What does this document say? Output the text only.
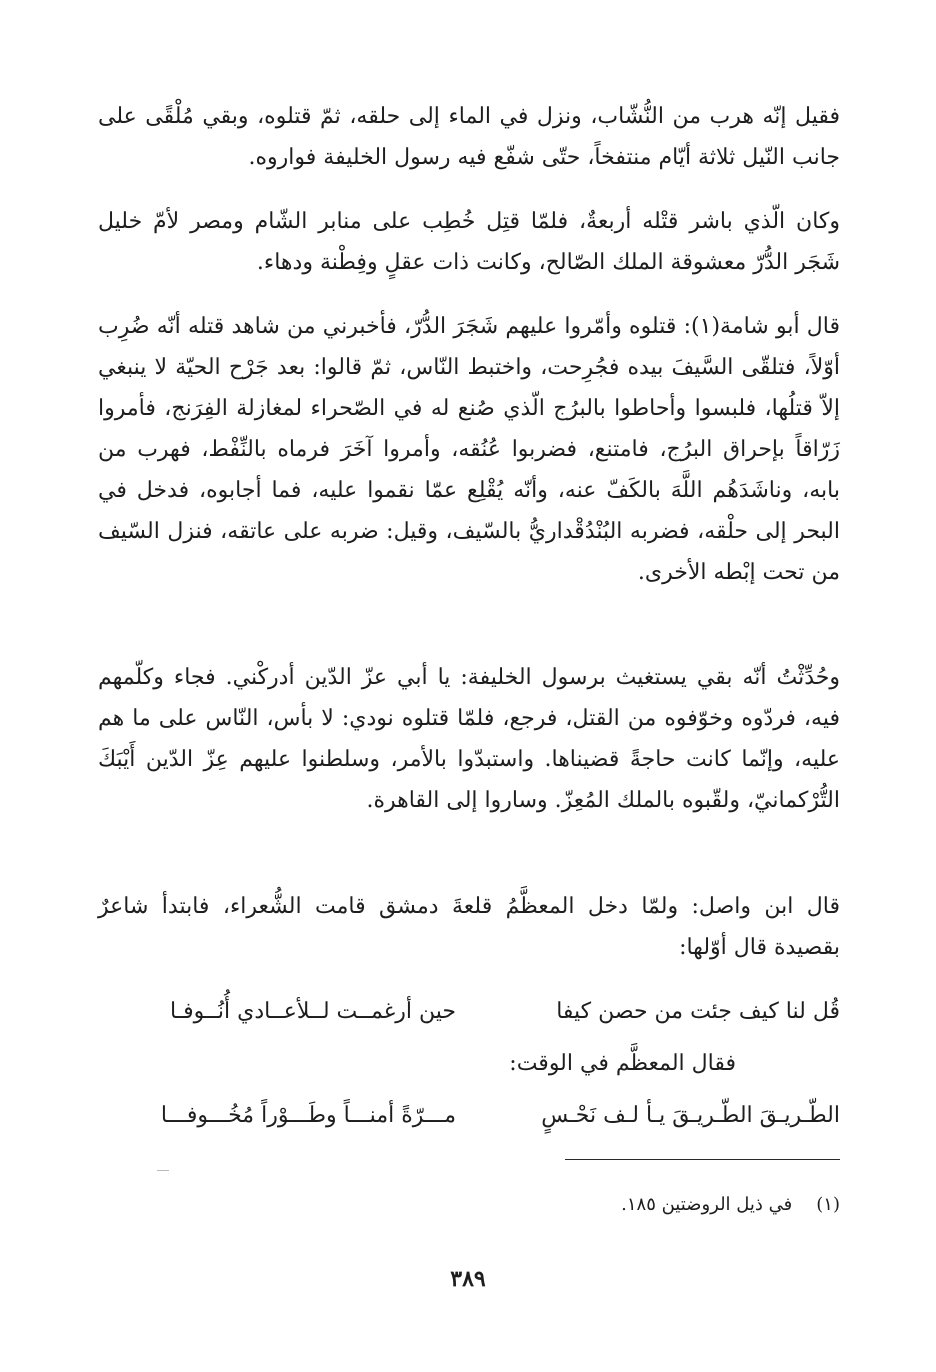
فقيل إنّه هرب من النُّشّاب، ونزل في الماء إلى حلقه، ثمّ قتلوه، وبقي مُلْقًى على جانب النّيل ثلاثة أيّام منتفخاً، حتّى شفّع فيه رسول الخليفة فواروه.

وكان الّذي باشر قتْله أربعةٌ، فلمّا قتِل خُطِب على منابر الشّام ومصر لأمّ خليل شَجَر الدُّرّ معشوقة الملك الصّالح، وكانت ذات عقلٍ وفِطْنة ودهاء.

قال أبو شامة(١): قتلوه وأمّروا عليهم شَجَرَ الدُّرّ، فأخبرني من شاهد قتله أنّه ضُرِب أوّلاً، فتلقّى السَّيفَ بيده فجُرِحت، واختبط النّاس، ثمّ قالوا: بعد جَرْح الحيّة لا ينبغي إلاّ قتلُها، فلبسوا وأحاطوا بالبرُج الّذي صُنع له في الصّحراء لمغازلة الفِرَنج، فأمروا زَرّاقاً بإحراق البرُج، فامتنع، فضربوا عُنُقه، وأمروا آخَرَ فرماه بالنِّفْط، فهرب من بابه، وناشَدَهُم اللَّهَ بالكَفّ عنه، وأنّه يُقْلِع عمّا نقموا عليه، فما أجابوه، فدخل في البحر إلى حلْقه، فضربه البُنْدُقْداريُّ بالسّيف، وقيل: ضربه على عاتقه، فنزل السّيف من تحت إبْطه الأخرى.

وحُدِّثْتُ أنّه بقي يستغيث برسول الخليفة: يا أبي عزّ الدّين أدركْني. فجاء وكلّمهم فيه، فردّوه وخوّفوه من القتل، فرجع، فلمّا قتلوه نودي: لا بأس، النّاس على ما هم عليه، وإنّما كانت حاجةً قضيناها. واستبدّوا بالأمر، وسلطنوا عليهم عِزّ الدّين أَيْبَكَ التُّرْكمانيّ، ولقّبوه بالملك المُعِزّ. وساروا إلى القاهرة.

قال ابن واصل: ولمّا دخل المعظَّمُ قلعةَ دمشق قامت الشُّعراء، فابتدأ شاعرٌ بقصيدة قال أوّلها:

قُل لنا كيف جئت من حصن كيفا
حين أرغمــت لــلأعــادي أُنُــوفـا
فقال المعظَّم في الوقت:
الطّـريـقَ الطّـريـقَ يـأ لـف نَحْـسٍ
مـــرّةً أمنـــاً وطَـــوْراً مُخُـــوفـــا
(١)في ذيل الروضتين ١٨٥.
٣٨٩
